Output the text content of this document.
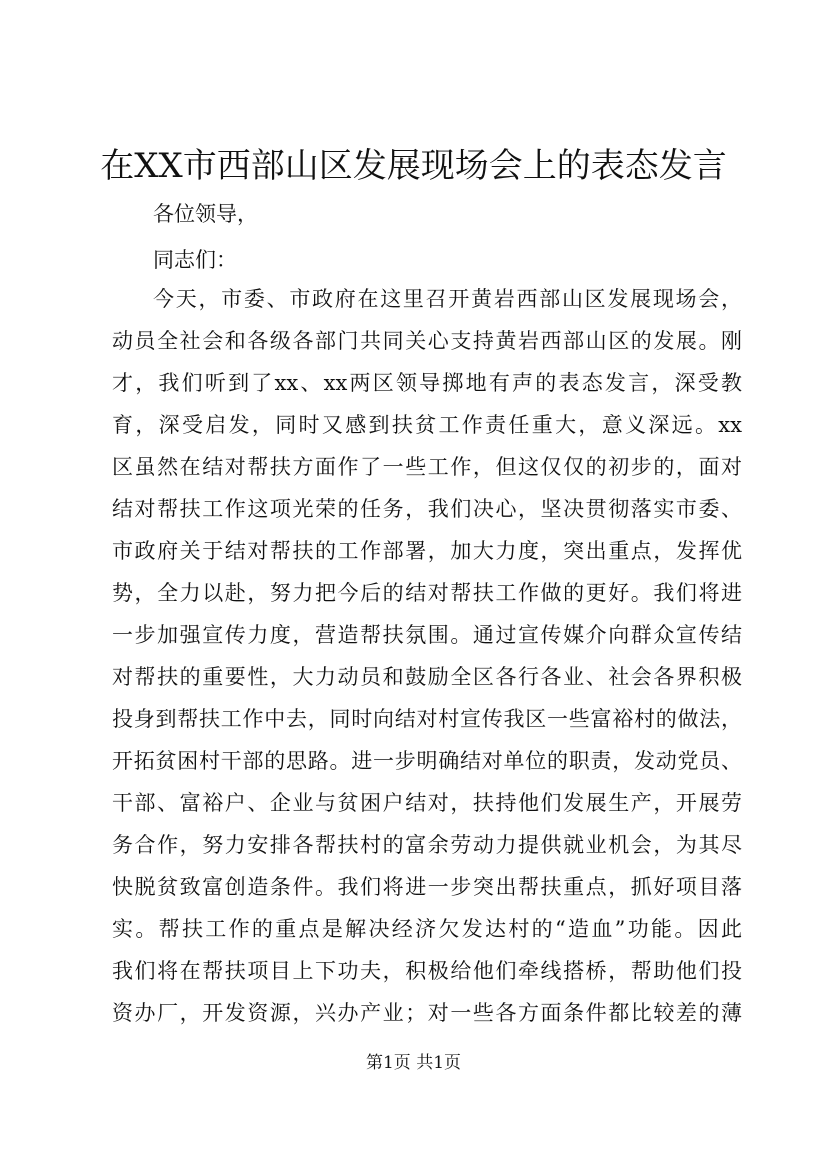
在XX市西部山区发展现场会上的表态发言
各位领导，
同志们：
今天，市委、市政府在这里召开黄岩西部山区发展现场会，
动员全社会和各级各部门共同关心支持黄岩西部山区的发展。刚
才，我们听到了xx、xx两区领导掷地有声的表态发言，深受教
育，深受启发，同时又感到扶贫工作责任重大，意义深远。xx
区虽然在结对帮扶方面作了一些工作，但这仅仅的初步的，面对
结对帮扶工作这项光荣的任务，我们决心，坚决贯彻落实市委、
市政府关于结对帮扶的工作部署，加大力度，突出重点，发挥优
势，全力以赴，努力把今后的结对帮扶工作做的更好。我们将进
一步加强宣传力度，营造帮扶氛围。通过宣传媒介向群众宣传结
对帮扶的重要性，大力动员和鼓励全区各行各业、社会各界积极
投身到帮扶工作中去，同时向结对村宣传我区一些富裕村的做法，
开拓贫困村干部的思路。进一步明确结对单位的职责，发动党员、
干部、富裕户、企业与贫困户结对，扶持他们发展生产，开展劳
务合作，努力安排各帮扶村的富余劳动力提供就业机会，为其尽
快脱贫致富创造条件。我们将进一步突出帮扶重点，抓好项目落
实。帮扶工作的重点是解决经济欠发达村的“造血”功能。因此
我们将在帮扶项目上下功夫，积极给他们牵线搭桥，帮助他们投
资办厂，开发资源，兴办产业；对一些各方面条件都比较差的薄
第1页 共1页
